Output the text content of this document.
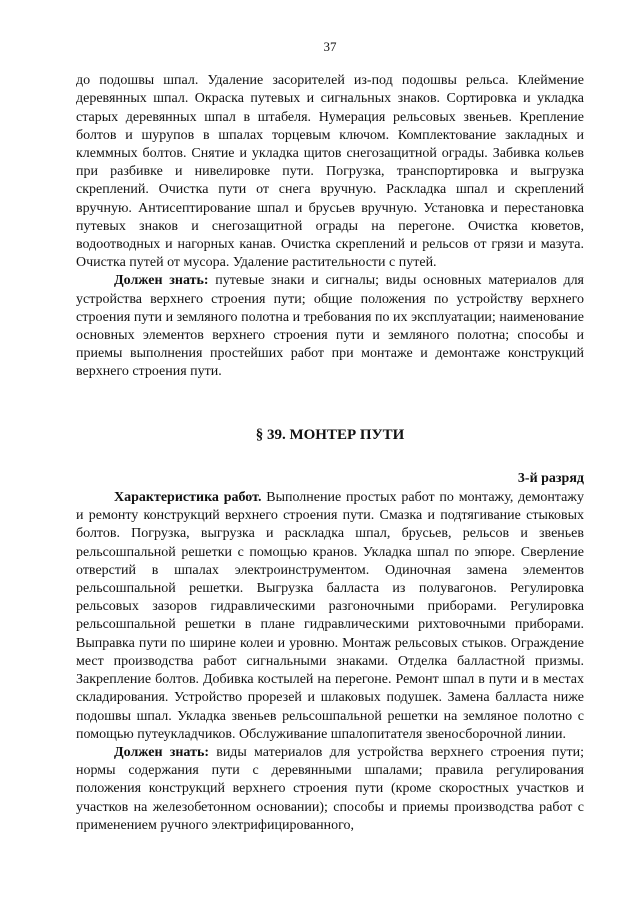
37

до подошвы шпал. Удаление засорителей из-под подошвы рельса. Клеймение деревянных шпал. Окраска путевых и сигнальных знаков. Сортировка и укладка старых деревянных шпал в штабеля. Нумерация рельсовых звеньев. Крепление болтов и шурупов в шпалах торцевым ключом. Комплектование закладных и клеммных болтов. Снятие и укладка щитов снегозащитной ограды. Забивка кольев при разбивке и нивелировке пути. Погрузка, транспортировка и выгрузка скреплений. Очистка пути от снега вручную. Раскладка шпал и скреплений вручную. Антисептирование шпал и брусьев вручную. Установка и перестановка путевых знаков и снегозащитной ограды на перегоне. Очистка кюветов, водоотводных и нагорных канав. Очистка скреплений и рельсов от грязи и мазута. Очистка путей от мусора. Удаление растительности с путей.

Должен знать: путевые знаки и сигналы; виды основных материалов для устройства верхнего строения пути; общие положения по устройству верхнего строения пути и земляного полотна и требования по их эксплуатации; наименование основных элементов верхнего строения пути и земляного полотна; способы и приемы выполнения простейших работ при монтаже и демонтаже конструкций верхнего строения пути.

§ 39. МОНТЕР ПУТИ
3-й разряд

Характеристика работ. Выполнение простых работ по монтажу, демонтажу и ремонту конструкций верхнего строения пути. Смазка и подтягивание стыковых болтов. Погрузка, выгрузка и раскладка шпал, брусьев, рельсов и звеньев рельсошпальной решетки с помощью кранов. Укладка шпал по эпюре. Сверление отверстий в шпалах электроинструментом. Одиночная замена элементов рельсошпальной решетки. Выгрузка балласта из полувагонов. Регулировка рельсовых зазоров гидравлическими разгоночными приборами. Регулировка рельсошпальной решетки в плане гидравлическими рихтовочными приборами. Выправка пути по ширине колеи и уровню. Монтаж рельсовых стыков. Ограждение мест производства работ сигнальными знаками. Отделка балластной призмы. Закрепление болтов. Добивка костылей на перегоне. Ремонт шпал в пути и в местах складирования. Устройство прорезей и шлаковых подушек. Замена балласта ниже подошвы шпал. Укладка звеньев рельсошпальной решетки на земляное полотно с помощью путеукладчиков. Обслуживание шпалопитателя звеносборочной линии.

Должен знать: виды материалов для устройства верхнего строения пути; нормы содержания пути с деревянными шпалами; правила регулирования положения конструкций верхнего строения пути (кроме скоростных участков и участков на железобетонном основании); способы и приемы производства работ с применением ручного электрифицированного,
